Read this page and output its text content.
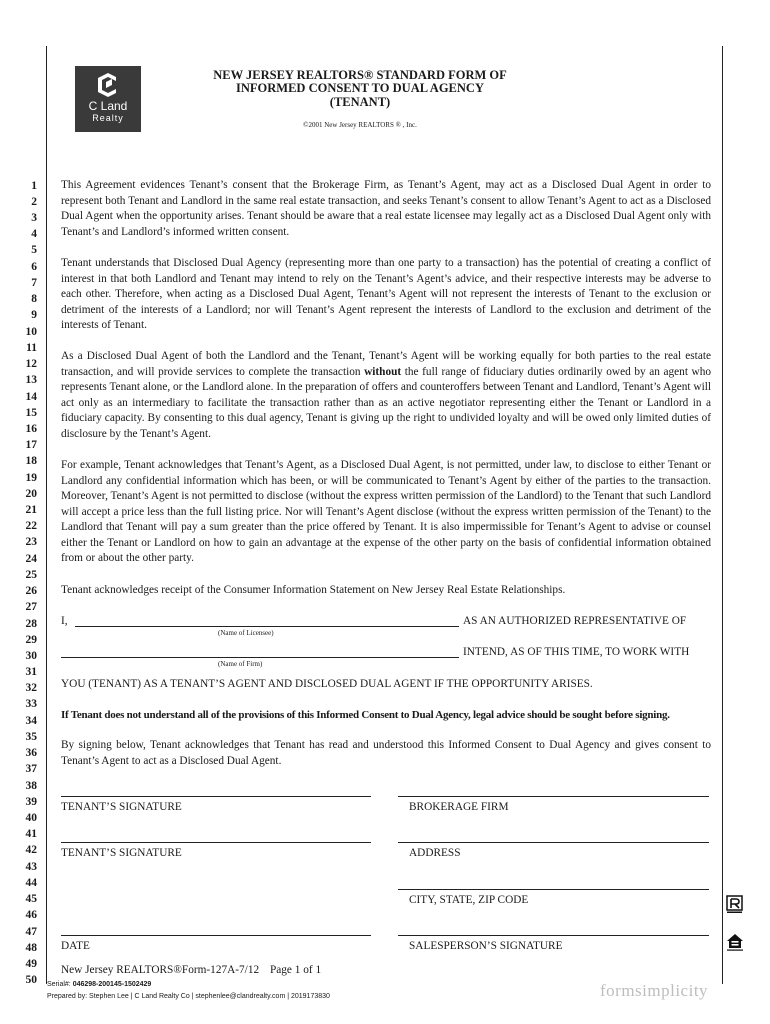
C Land
Realty
NEW JERSEY REALTORS® STANDARD FORM OF
INFORMED CONSENT TO DUAL AGENCY
(TENANT)
©2001 New Jersey REALTORS ® , Inc.
1
2
3
4
5
6
7
8
9
10
11
12
13
14
15
16
17
18
19
20
21
22
23
24
25
26
27
28
29
30
31
32
33
34
35
36
37
38
39
40
41
42
43
44
45
46
47
48
49
50
This Agreement evidences Tenant’s consent that the Brokerage Firm, as Tenant’s Agent, may act as a Disclosed Dual Agent in order to represent both Tenant and Landlord in the same real estate transaction, and seeks Tenant’s consent to allow Tenant’s Agent to act as a Disclosed Dual Agent when the opportunity arises. Tenant should be aware that a real estate licensee may legally act as a Disclosed Dual Agent only with Tenant’s and Landlord’s informed written consent.
Tenant understands that Disclosed Dual Agency (representing more than one party to a transaction) has the potential of creating a conflict of interest in that both Landlord and Tenant may intend to rely on the Tenant’s Agent’s advice, and their respective interests may be adverse to each other. Therefore, when acting as a Disclosed Dual Agent, Tenant’s Agent will not represent the interests of Tenant to the exclusion or detriment of the interests of a Landlord; nor will Tenant’s Agent represent the interests of Landlord to the exclusion and detriment of the interests of Tenant.
As a Disclosed Dual Agent of both the Landlord and the Tenant, Tenant’s Agent will be working equally for both parties to the real estate transaction, and will provide services to complete the transaction without the full range of fiduciary duties ordinarily owed by an agent who represents Tenant alone, or the Landlord alone. In the preparation of offers and counteroffers between Tenant and Landlord, Tenant’s Agent will act only as an intermediary to facilitate the transaction rather than as an active negotiator representing either the Tenant or Landlord in a fiduciary capacity. By consenting to this dual agency, Tenant is giving up the right to undivided loyalty and will be owed only limited duties of disclosure by the Tenant’s Agent.
For example, Tenant acknowledges that Tenant’s Agent, as a Disclosed Dual Agent, is not permitted, under law, to disclose to either Tenant or Landlord any confidential information which has been, or will be communicated to Tenant’s Agent by either of the parties to the transaction. Moreover, Tenant’s Agent is not permitted to disclose (without the express written permission of the Landlord) to the Tenant that such Landlord will accept a price less than the full listing price. Nor will Tenant’s Agent disclose (without the express written permission of the Tenant) to the Landlord that Tenant will pay a sum greater than the price offered by Tenant. It is also impermissible for Tenant’s Agent to advise or counsel either the Tenant or Landlord on how to gain an advantage at the expense of the other party on the basis of confidential information obtained from or about the other party.
Tenant acknowledges receipt of the Consumer Information Statement on New Jersey Real Estate Relationships.
I,	AS AN AUTHORIZED REPRESENTATIVE OF
(Name of Licensee)
INTEND, AS OF THIS TIME, TO WORK WITH
(Name of Firm)
YOU (TENANT) AS A TENANT’S AGENT AND DISCLOSED DUAL AGENT IF THE OPPORTUNITY ARISES.
If Tenant does not understand all of the provisions of this Informed Consent to Dual Agency, legal advice should be sought before signing.
By signing below, Tenant acknowledges that Tenant has read and understood this Informed Consent to Dual Agency and gives consent to Tenant’s Agent to act as a Disclosed Dual Agent.
TENANT’S SIGNATURE	BROKERAGE FIRM
TENANT’S SIGNATURE	ADDRESS
CITY, STATE, ZIP CODE
DATE	SALESPERSON’S SIGNATURE
New Jersey REALTORS®Form-127A-7/12 Page 1 of 1
Serial#: 046298-200145-1502429
Prepared by: Stephen Lee | C Land Realty Co | stephenlee@clandrealty.com | 2019173830	formsimplicity
